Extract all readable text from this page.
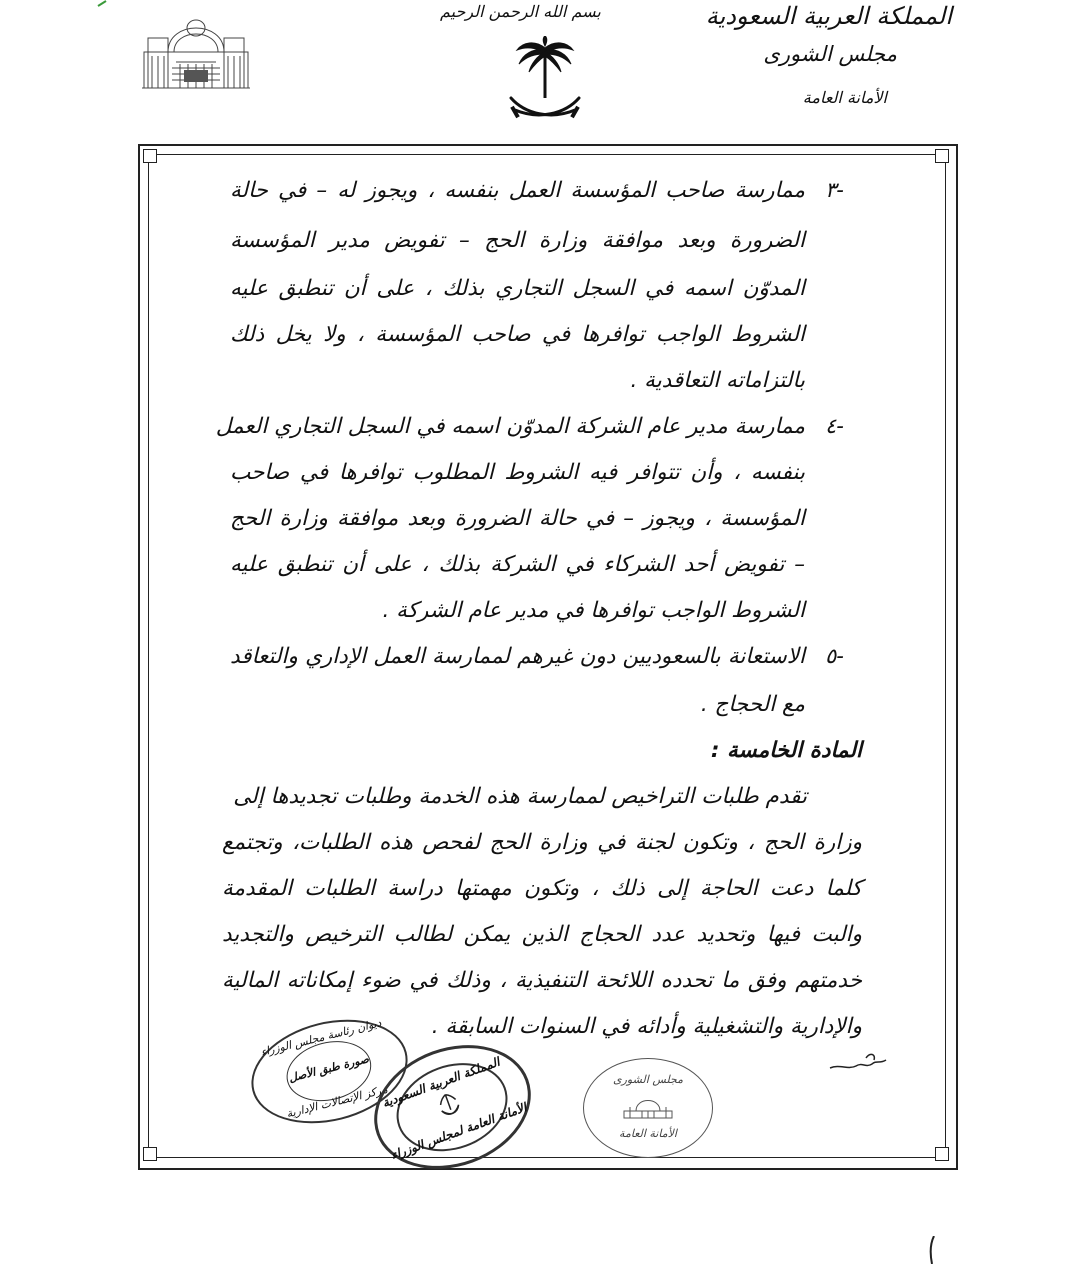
المملكة العربية السعودية
مجلس الشورى
الأمانة العامة
بسم الله الرحمن الرحيم
٣-
ممارسة صاحب المؤسسة العمل بنفسه ، ويجوز له – في حالة
الضرورة وبعد موافقة وزارة الحج – تفويض مدير المؤسسة
المدوّن اسمه في السجل التجاري بذلك ، على أن تنطبق عليه
الشروط الواجب توافرها في صاحب المؤسسة ، ولا يخل ذلك
بالتزاماته التعاقدية .
٤-
ممارسة مدير عام الشركة المدوّن اسمه في السجل التجاري العمل
بنفسه ، وأن تتوافر فيه الشروط المطلوب توافرها في صاحب
المؤسسة ، ويجوز – في حالة الضرورة وبعد موافقة وزارة الحج
– تفويض أحد الشركاء في الشركة بذلك ، على أن تنطبق عليه
الشروط الواجب توافرها في مدير عام الشركة .
٥-
الاستعانة بالسعوديين دون غيرهم لممارسة العمل الإداري والتعاقد
مع الحجاج .
المادة الخامسة :
تقدم طلبات التراخيص لممارسة هذه الخدمة وطلبات تجديدها إلى
وزارة الحج ، وتكون لجنة في وزارة الحج لفحص هذه الطلبات، وتجتمع
كلما دعت الحاجة إلى ذلك ، وتكون مهمتها دراسة الطلبات المقدمة
والبت فيها وتحديد عدد الحجاج الذين يمكن لطالب الترخيص والتجديد
خدمتهم وفق ما تحدده اللائحة التنفيذية ، وذلك في ضوء إمكاناته المالية
والإدارية والتشغيلية وأدائه في السنوات السابقة .
ديوان رئاسة مجلس الوزراء
صورة طبق الأصل
مركز الإتصالات الإدارية
المملكة العربية السعودية
الأمانة العامة لمجلس الوزراء
مجلس الشورى
الأمانة العامة
